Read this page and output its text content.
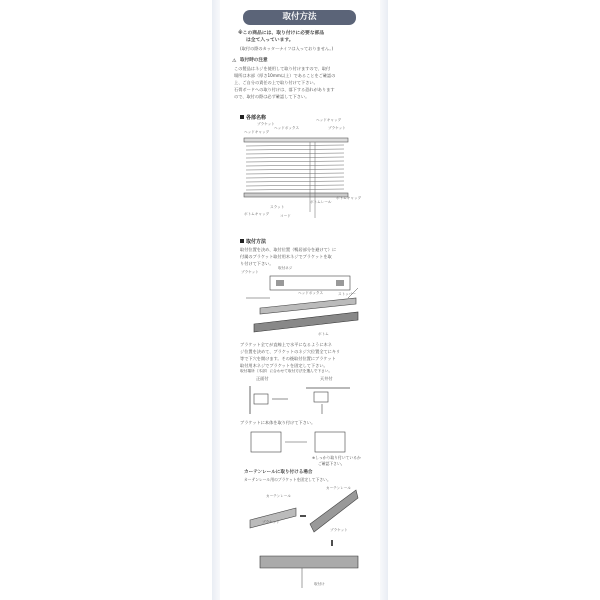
取付方法
※この商品には、取り付けに必要な部品
は全て入っています。
(取付の際のカッターナイフは入っておりません。)
⚠ 取付時の注意
この製品はネジを使用して取り付けますので、取付
場所は木部（厚さ10mm以上）であることをご確認の
上、ご自分の責任の上で取り付けて下さい。
石膏ボードへの取り付けは、落下する恐れがあります
ので、取付の際は必ず確認して下さい。
各部名称
ブラケット
ヘッドキャップ
ヘッドボックス
ヘッドキャップ
ブラケット
ボトムキャップ
ボトムキャップ
スラット
コード
ボトムレール
取付方法
取付位置を決め、取付位置（鴨居部分を避けて）に
付属のブラケット取付用木ネジでブラケットを取
り付けて下さい。
ブラケット
取付ネジ
ヘッドボックス	ストッパー
ボトム
ブラケット全てが直線上で水平になるように木ネ
ジ位置を決めて、ブラケットのネジ穴位置全てにキリ
等で下穴を開けます。その後取付位置にブラケット
取付用木ネジでブラケットを固定して下さい。
取付場所（木部）に合わせて取付方法を選んで下さい。
正面付	天井付
ブラケットに本体を取り付けて下さい。
※しっかり取り付いているか
ご確認下さい。
カーテンレールに取り付ける場合
カーテンレール用のブラケットを固定して下さい。
カーテンレール
ブラケット
カーテンレール
ブラケット
取付け
